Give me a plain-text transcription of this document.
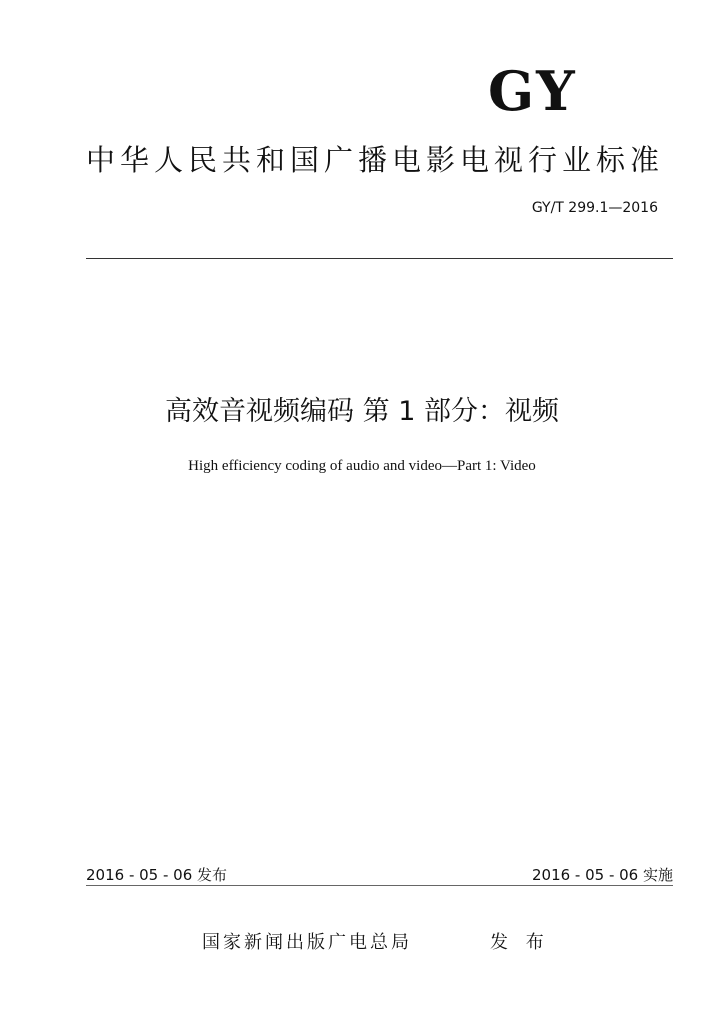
GY
中华人民共和国广播电影电视行业标准
GY/T 299.1—2016
高效音视频编码 第 1 部分：视频
High efficiency coding of audio and video—Part 1: Video
2016 - 05 - 06 发布	2016 - 05 - 06 实施
国家新闻出版广电总局	发 布
